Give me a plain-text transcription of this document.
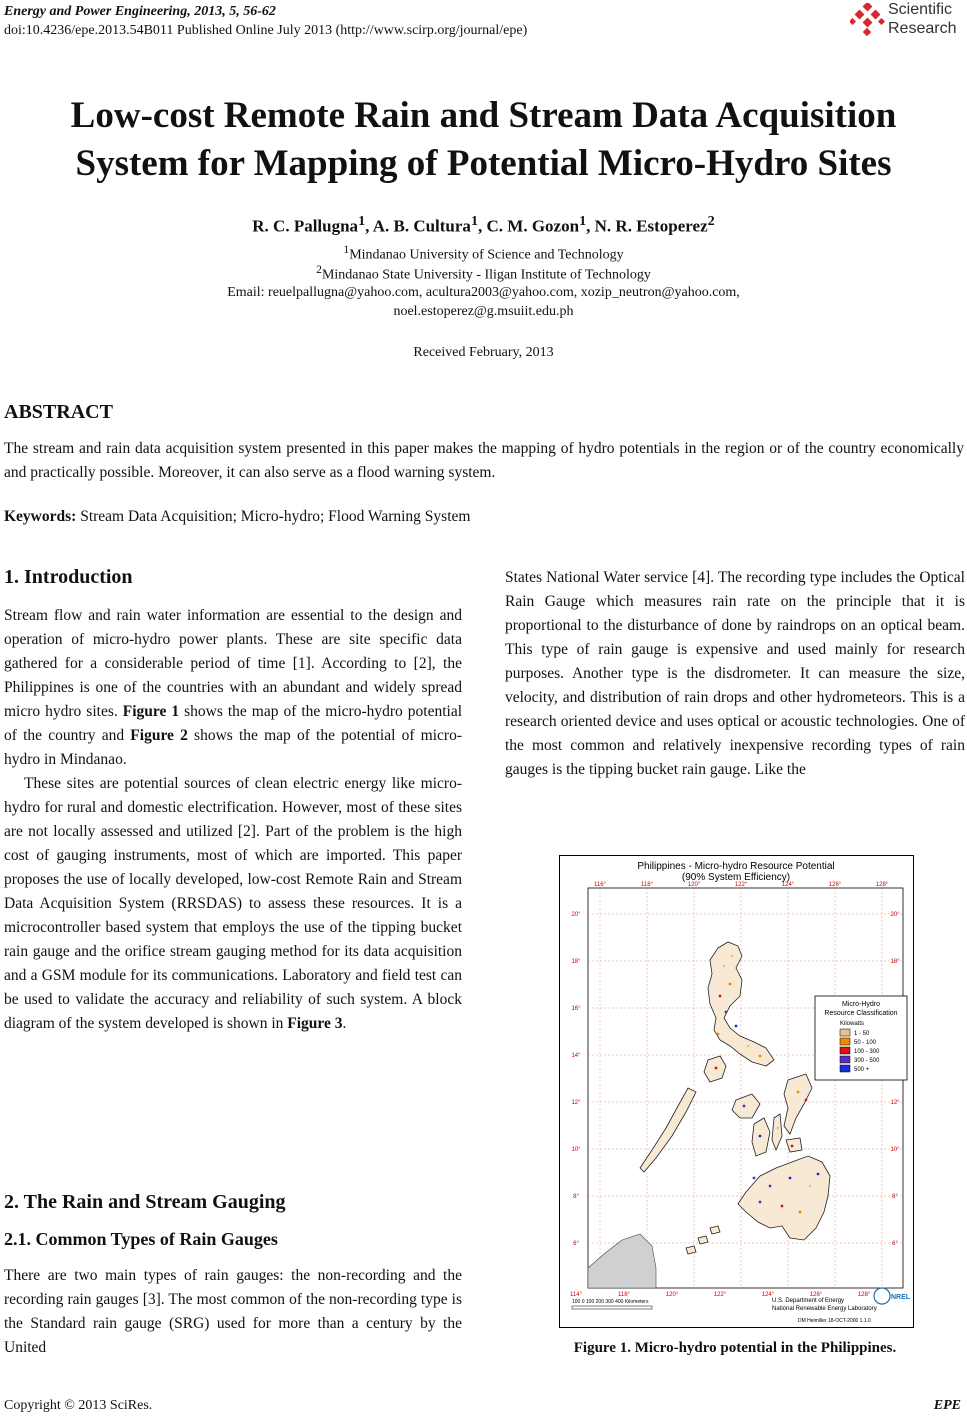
Energy and Power Engineering, 2013, 5, 56-62
doi:10.4236/epe.2013.54B011 Published Online July 2013 (http://www.scirp.org/journal/epe)
Scientific
Research
Low-cost Remote Rain and Stream Data Acquisition
System for Mapping of Potential Micro-Hydro Sites
R. C. Pallugna$^1$, A. B. Cultura$^1$, C. M. Gozon$^1$, N. R. Estoperez$^2$
$^1$Mindanao University of Science and Technology
$^2$Mindanao State University - Iligan Institute of Technology
Email: reuelpallugna@yahoo.com, acultura2003@yahoo.com, xozip_neutron@yahoo.com,
noel.estoperez@g.msuiit.edu.ph
Received February, 2013
ABSTRACT
The stream and rain data acquisition system presented in this paper makes the mapping of hydro potentials in the region or of the country economically and practically possible. Moreover, it can also serve as a flood warning system.
Keywords: Stream Data Acquisition; Micro-hydro; Flood Warning System
1. Introduction

Stream flow and rain water information are essential to the design and operation of micro-hydro power plants. These are site specific data gathered for a considerable period of time [1]. According to [2], the Philippines is one of the countries with an abundant and widely spread micro hydro sites. Figure 1 shows the map of the micro-hydro potential of the country and Figure 2 shows the map of the potential of micro-hydro in Mindanao.

These sites are potential sources of clean electric energy like micro-hydro for rural and domestic electrification. However, most of these sites are not locally assessed and utilized [2]. Part of the problem is the high cost of gauging instruments, most of which are imported. This paper proposes the use of locally developed, low-cost Remote Rain and Stream Data Acquisition System (RRSDAS) to assess these resources. It is a microcontroller based system that employs the use of the tipping bucket rain gauge and the orifice stream gauging method for its data acquisition and a GSM module for its communications. Laboratory and field test can be used to validate the accuracy and reliability of such system. A block diagram of the system developed is shown in Figure 3.

2. The Rain and Stream Gauging
2.1. Common Types of Rain Gauges
There are two main types of rain gauges: the non-recording and the recording rain gauges [3]. The most common of the non-recording type is the Standard rain gauge (SRG) used for more than a century by the United
States National Water service [4]. The recording type includes the Optical Rain Gauge which measures rain rate on the principle that it is proportional to the disturbance of done by raindrops on an optical beam. This type of rain gauge is expensive and used mainly for research purposes. Another type is the disdrometer. It can measure the size, velocity, and distribution of rain drops and other hydrometeors. This is a research oriented device and uses optical or acoustic technologies. One of the most common and relatively inexpensive recording types of rain gauges is the tipping bucket rain gauge. Like the
Philippines - Micro-hydro Resource Potential
(90% System Efficiency)
116°	118°	120°	122°	124°	126°	128°
114°	118°	120°	122°	124°	126°	128°
20°
18°
16°
14°
12°
10°
8°
6°
20°
18°
12°
10°
8°
6°
Micro-Hydro
Resource Classification
Kilowatts
1 - 50
50 - 100
100 - 300
300 - 500
500 +
100 0 100 200 300 400 Kilometers	U.S. Department of Energy
National Renewable Energy Laboratory
DM Heimiller 18-OCT-2000 1.1.0
NREL
Figure 1. Micro-hydro potential in the Philippines.
Copyright © 2013 SciRes.	EPE
